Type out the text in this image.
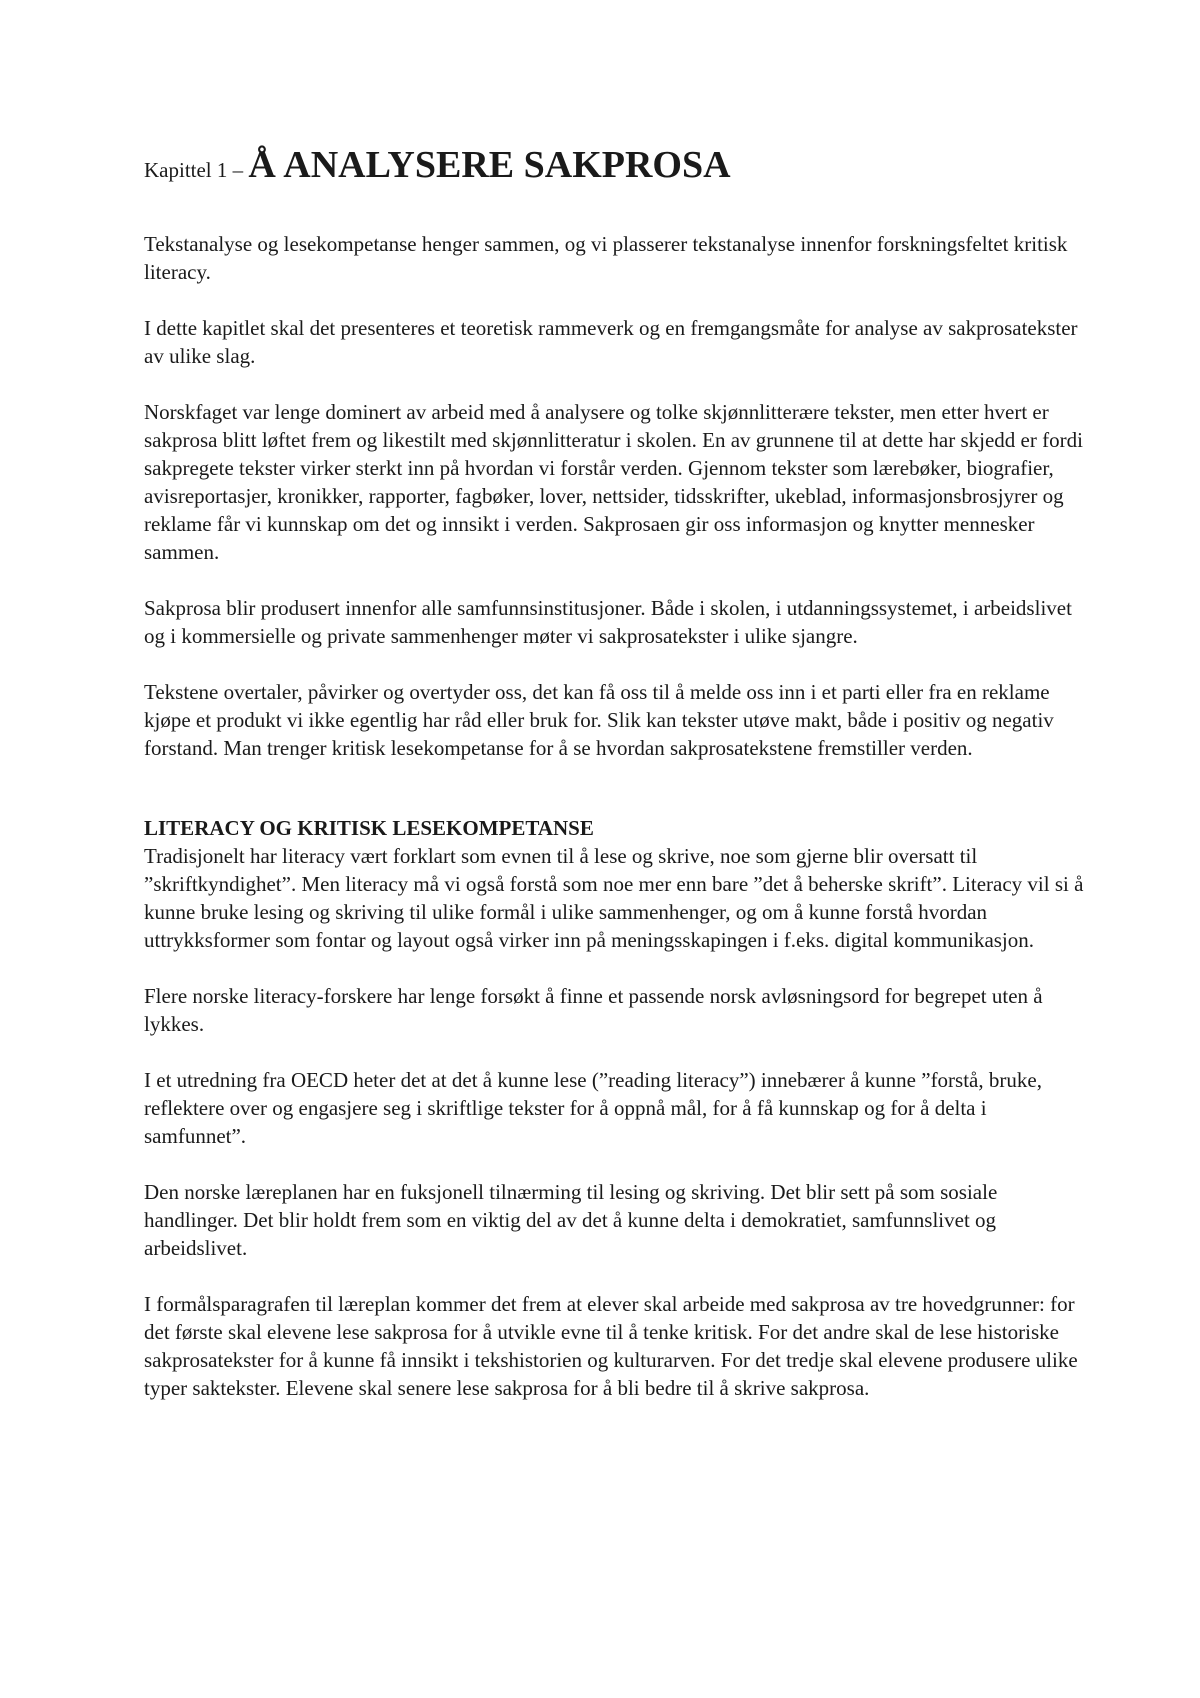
Kapittel 1 – Å ANALYSERE SAKPROSA

Tekstanalyse og lesekompetanse henger sammen, og vi plasserer tekstanalyse innenfor forskningsfeltet kritisk literacy.

I dette kapitlet skal det presenteres et teoretisk rammeverk og en fremgangsmåte for analyse av sakprosatekster av ulike slag.

Norskfaget var lenge dominert av arbeid med å analysere og tolke skjønnlitterære tekster, men etter hvert er sakprosa blitt løftet frem og likestilt med skjønnlitteratur i skolen. En av grunnene til at dette har skjedd er fordi sakpregete tekster virker sterkt inn på hvordan vi forstår verden. Gjennom tekster som lærebøker, biografier, avisreportasjer, kronikker, rapporter, fagbøker, lover, nettsider, tidsskrifter, ukeblad, informasjonsbrosjyrer og reklame får vi kunnskap om det og innsikt i verden. Sakprosaen gir oss informasjon og knytter mennesker sammen.

Sakprosa blir produsert innenfor alle samfunnsinstitusjoner. Både i skolen, i utdanningssystemet, i arbeidslivet og i kommersielle og private sammenhenger møter vi sakprosatekster i ulike sjangre.

Tekstene overtaler, påvirker og overtyder oss, det kan få oss til å melde oss inn i et parti eller fra en reklame kjøpe et produkt vi ikke egentlig har råd eller bruk for. Slik kan tekster utøve makt, både i positiv og negativ forstand. Man trenger kritisk lesekompetanse for å se hvordan sakprosatekstene fremstiller verden.

LITERACY OG KRITISK LESEKOMPETANSE

Tradisjonelt har literacy vært forklart som evnen til å lese og skrive, noe som gjerne blir oversatt til ”skriftkyndighet”. Men literacy må vi også forstå som noe mer enn bare ”det å beherske skrift”. Literacy vil si å kunne bruke lesing og skriving til ulike formål i ulike sammenhenger, og om å kunne forstå hvordan uttrykksformer som fontar og layout også virker inn på meningsskapingen i f.eks. digital kommunikasjon.

Flere norske literacy-forskere har lenge forsøkt å finne et passende norsk avløsningsord for begrepet uten å lykkes.

I et utredning fra OECD heter det at det å kunne lese (”reading literacy”) innebærer å kunne ”forstå, bruke, reflektere over og engasjere seg i skriftlige tekster for å oppnå mål, for å få kunnskap og for å delta i samfunnet”.

Den norske læreplanen har en fuksjonell tilnærming til lesing og skriving. Det blir sett på som sosiale handlinger. Det blir holdt frem som en viktig del av det å kunne delta i demokratiet, samfunnslivet og arbeidslivet.

I formålsparagrafen til læreplan kommer det frem at elever skal arbeide med sakprosa av tre hovedgrunner: for det første skal elevene lese sakprosa for å utvikle evne til å tenke kritisk. For det andre skal de lese historiske sakprosatekster for å kunne få innsikt i tekshistorien og kulturarven. For det tredje skal elevene produsere ulike typer saktekster. Elevene skal senere lese sakprosa for å bli bedre til å skrive sakprosa.
